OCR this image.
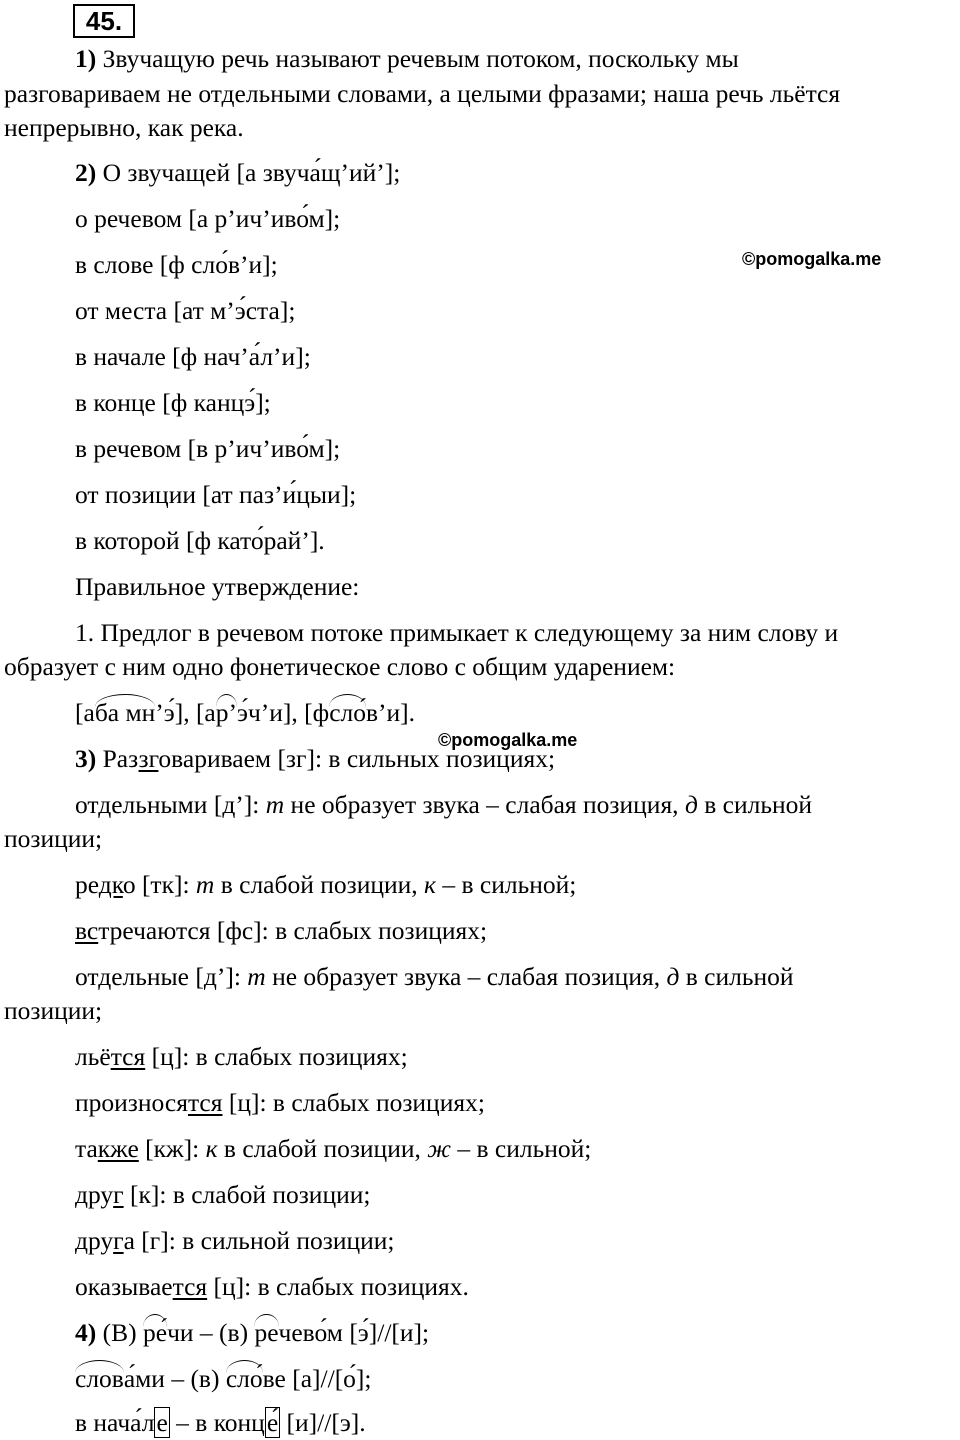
45.
1) Звучащую речь называют речевым потоком, поскольку мы
разговариваем не отдельными словами, а целыми фразами; наша речь льётся
непрерывно, как река.
2) О звучащей [а звуча́щ’ий’];
о речевом [а р’ич’иво́м];
в слове [ф сло́в’и];	©pomogalka.me
от места [ат м’э́ста];
в начале [ф нач’а́л’и];
в конце [ф канцэ́];
в речевом [в р’ич’иво́м];
от позиции [ат паз’и́цыи];
в которой [ф като́рай’].
Правильное утверждение:
1. Предлог в речевом потоке примыкает к следующему за ним слову и
образует с ним одно фонетическое слово с общим ударением:
[аба мн’э́], [ар’э́ч’и], [фсло́в’и].
©pomogalka.me
3) Раззговариваем [зг]: в сильных позициях;
отдельными [д’]: т не образует звука – слабая позиция, д в сильной
позиции;
редко [тк]: т в слабой позиции, к – в сильной;
встречаются [фс]: в слабых позициях;
отдельные [д’]: т не образует звука – слабая позиция, д в сильной
позиции;
льётся [ц]: в слабых позициях;
произносятся [ц]: в слабых позициях;
также [кж]: к в слабой позиции, ж – в сильной;
друг [к]: в слабой позиции;
друга [г]: в сильной позиции;
оказывается [ц]: в слабых позициях.
4) (В) ре́чи – (в) речево́м [э́]//[и];
слова́ми – (в) сло́ве [а]//[о́];
в нача́ле – в конце́ [и]//[э].
